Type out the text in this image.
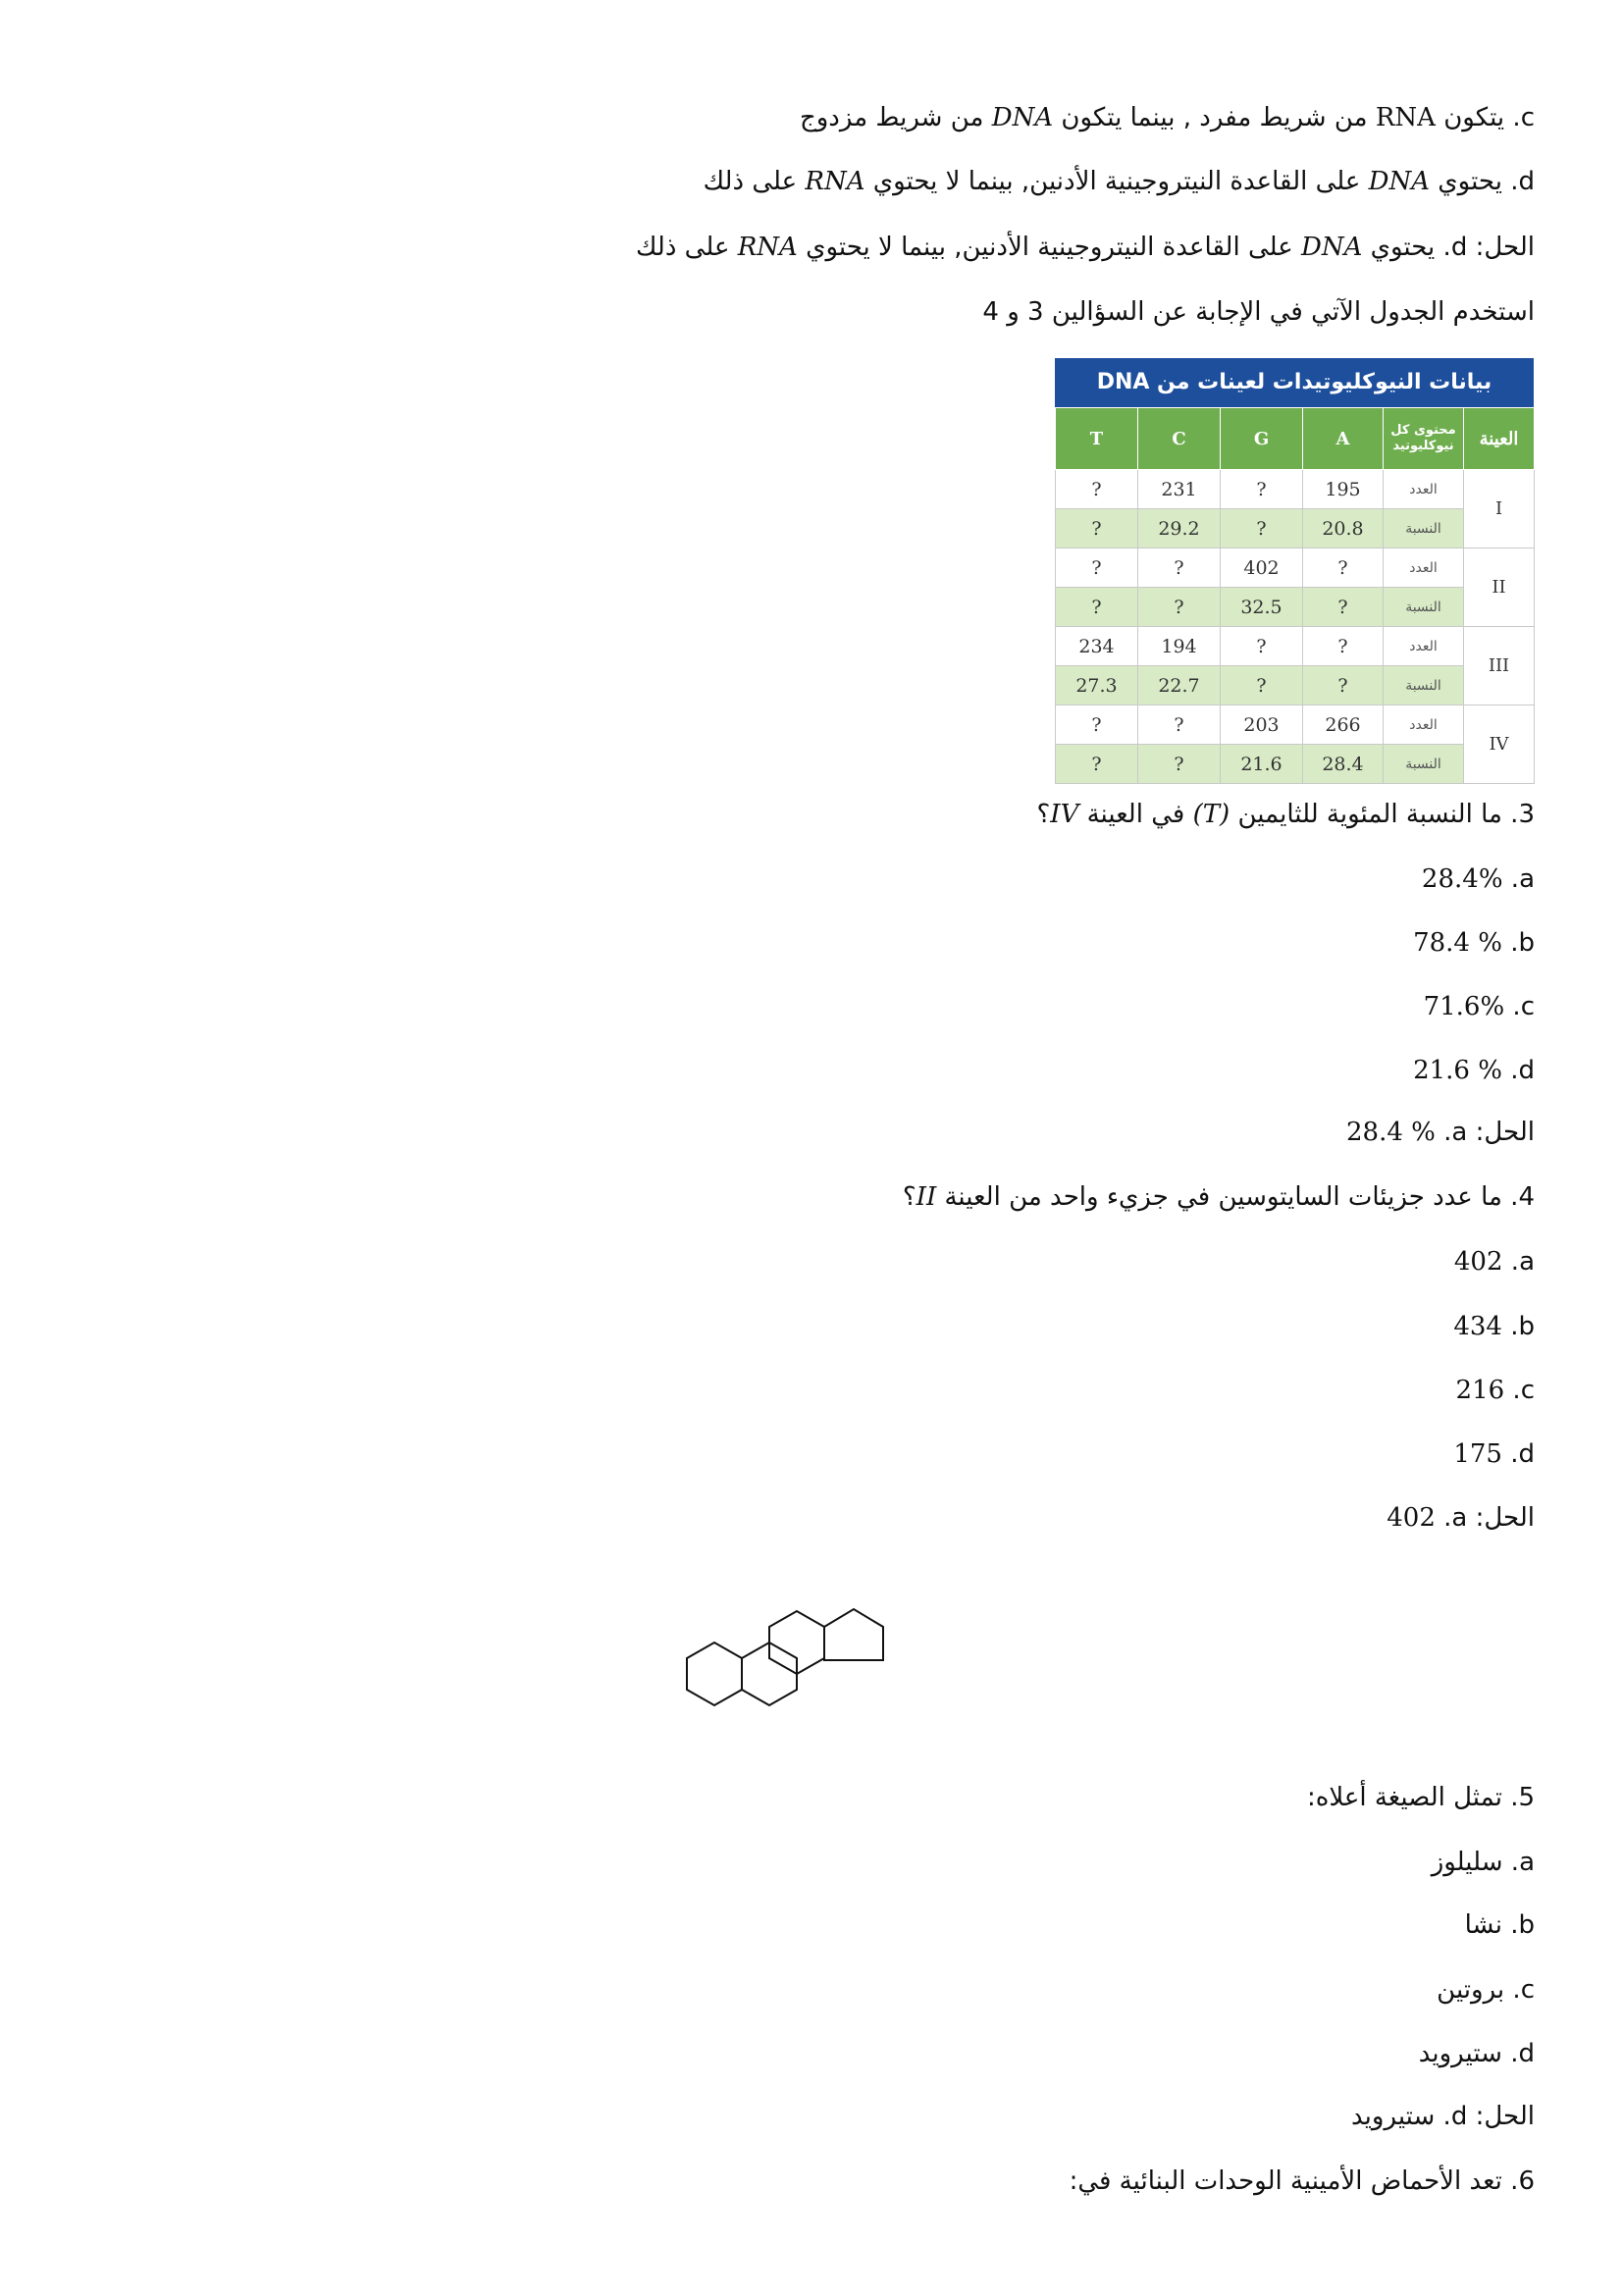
c. يتكون RNA من شريط مفرد , بينما يتكون DNA من شريط مزدوج
d. يحتوي DNA على القاعدة النيتروجينية الأدنين, بينما لا يحتوي RNA على ذلك
الحل: d. يحتوي DNA على القاعدة النيتروجينية الأدنين, بينما لا يحتوي RNA على ذلك
استخدم الجدول الآتي في الإجابة عن السؤالين 3 و 4
بيانات النيوكليوتيدات لعينات من DNA
العينة	محتوى كل نيوكليوتيد	A	G	C	T
I	العدد	195	?	231	?
	النسبة	20.8	?	29.2	?
II	العدد	?	402	?	?
	النسبة	?	32.5	?	?
III	العدد	?	?	194	234
	النسبة	?	?	22.7	27.3
IV	العدد	266	203	?	?
	النسبة	28.4	21.6	?	?
3. ما النسبة المئوية للثايمين (T) في العينة IV؟
a. 28.4%
b. 78.4 %
c. 71.6%
d. 21.6 %
الحل: a. 28.4 %
4. ما عدد جزيئات السايتوسين في جزيء واحد من العينة II؟
a. 402
b. 434
c. 216
d. 175
الحل: a. 402
5. تمثل الصيغة أعلاه:
a. سليلوز
b. نشا
c. بروتين
d. ستيرويد
الحل: d. ستيرويد
6. تعد الأحماض الأمينية الوحدات البنائية في:
